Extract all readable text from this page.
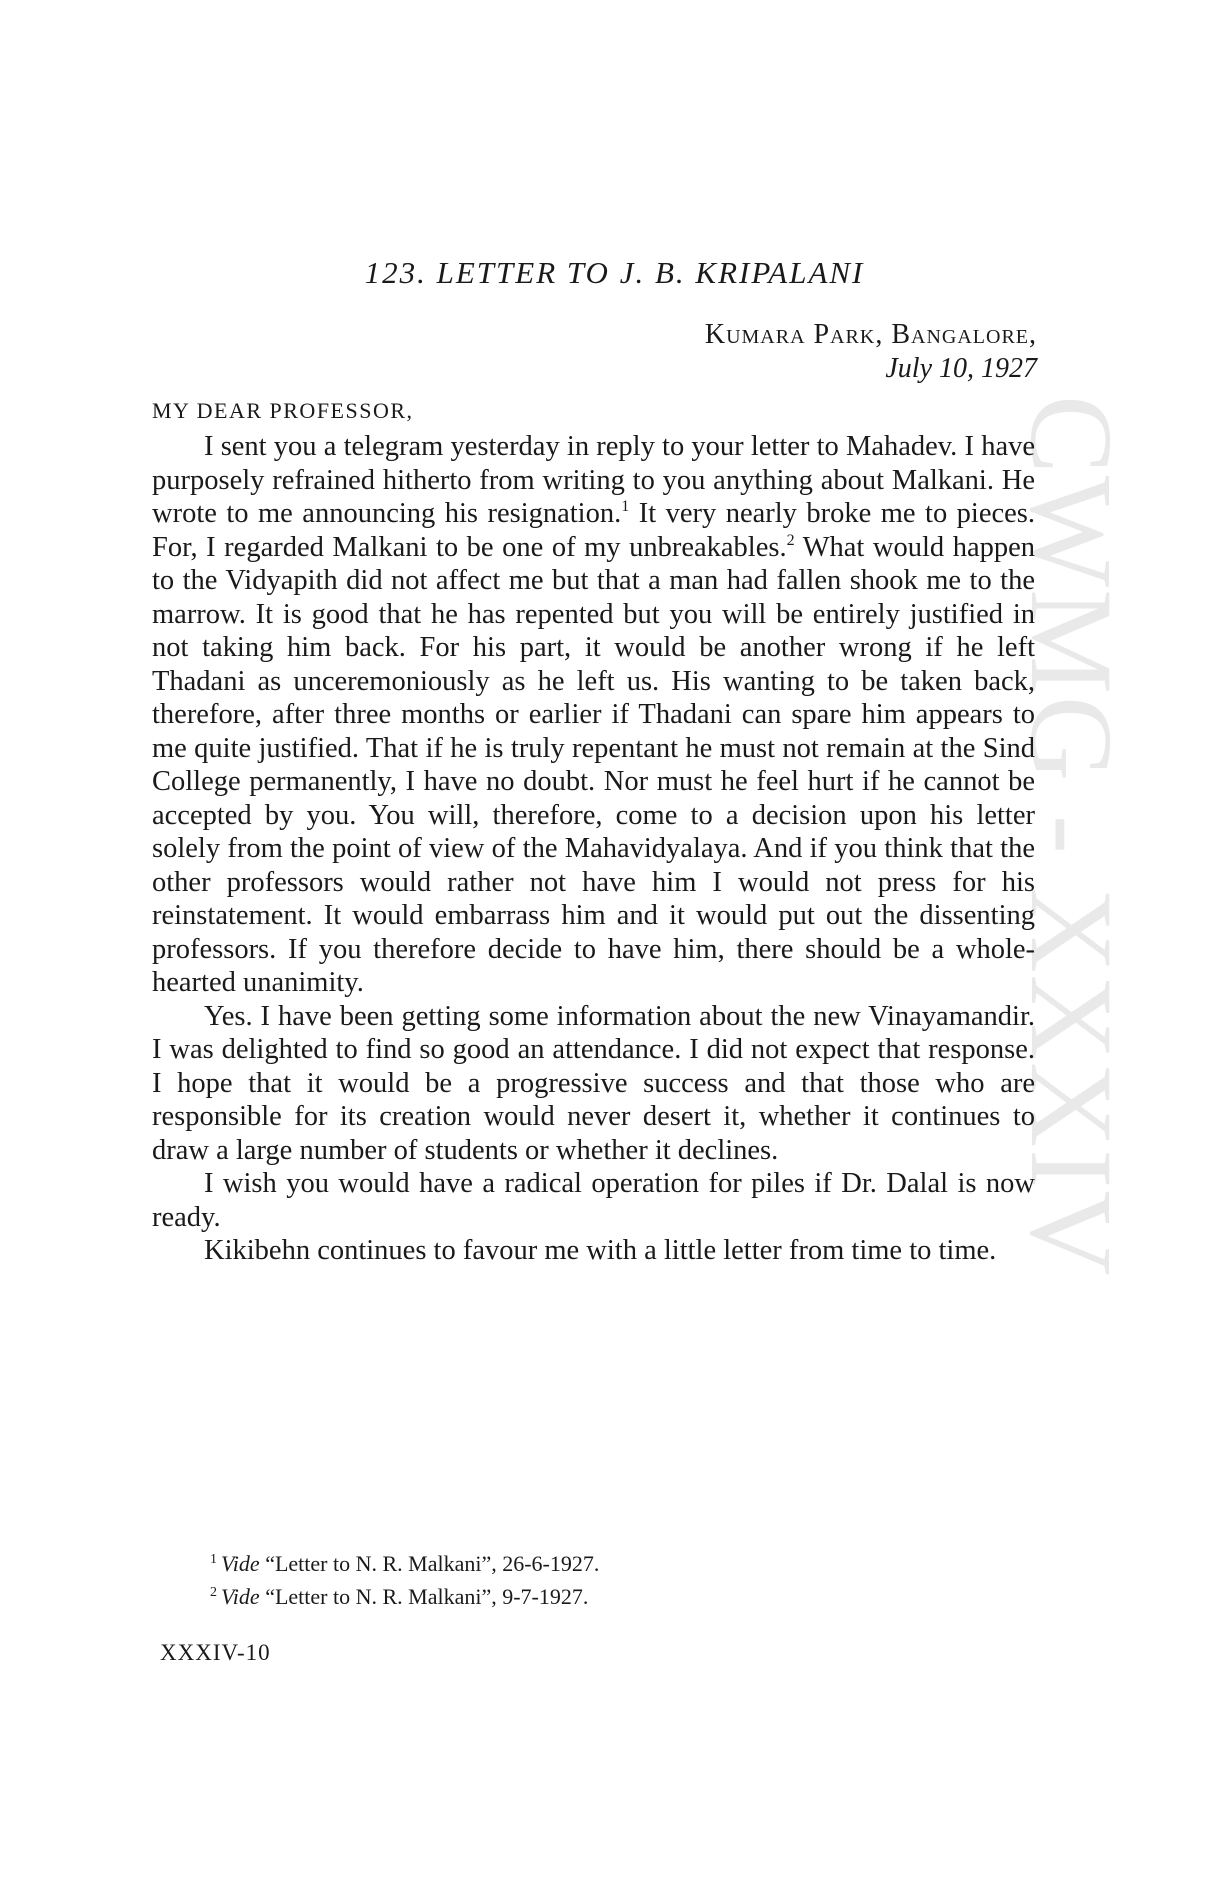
CWMG - XXXIV
123. LETTER TO J. B. KRIPALANI
Kumara Park, Bangalore,
July 10, 1927
MY DEAR PROFESSOR,

I sent you a telegram yesterday in reply to your letter to Mahadev. I have purposely refrained hitherto from writing to you anything about Malkani. He wrote to me announcing his resignation.$^1$ It very nearly broke me to pieces. For, I regarded Malkani to be one of my unbreakables.$^2$ What would happen to the Vidyapith did not affect me but that a man had fallen shook me to the marrow. It is good that he has repented but you will be entirely justified in not taking him back. For his part, it would be another wrong if he left Thadani as unceremoniously as he left us. His wanting to be taken back, therefore, after three months or earlier if Thadani can spare him appears to me quite justified. That if he is truly repentant he must not remain at the Sind College permanently, I have no doubt. Nor must he feel hurt if he cannot be accepted by you. You will, therefore, come to a decision upon his letter solely from the point of view of the Mahavidyalaya. And if you think that the other professors would rather not have him I would not press for his reinstatement. It would embarrass him and it would put out the dissenting professors. If you therefore decide to have him, there should be a whole-hearted unanimity.

Yes. I have been getting some information about the new Vinayamandir. I was delighted to find so good an attendance. I did not expect that response. I hope that it would be a progressive success and that those who are responsible for its creation would never desert it, whether it continues to draw a large number of students or whether it declines.

I wish you would have a radical operation for piles if Dr. Dalal is now ready.

Kikibehn continues to favour me with a little letter from time to time.

$^1$ Vide “Letter to N. R. Malkani”, 26-6-1927.
$^2$ Vide “Letter to N. R. Malkani”, 9-7-1927.
XXXIV-10
